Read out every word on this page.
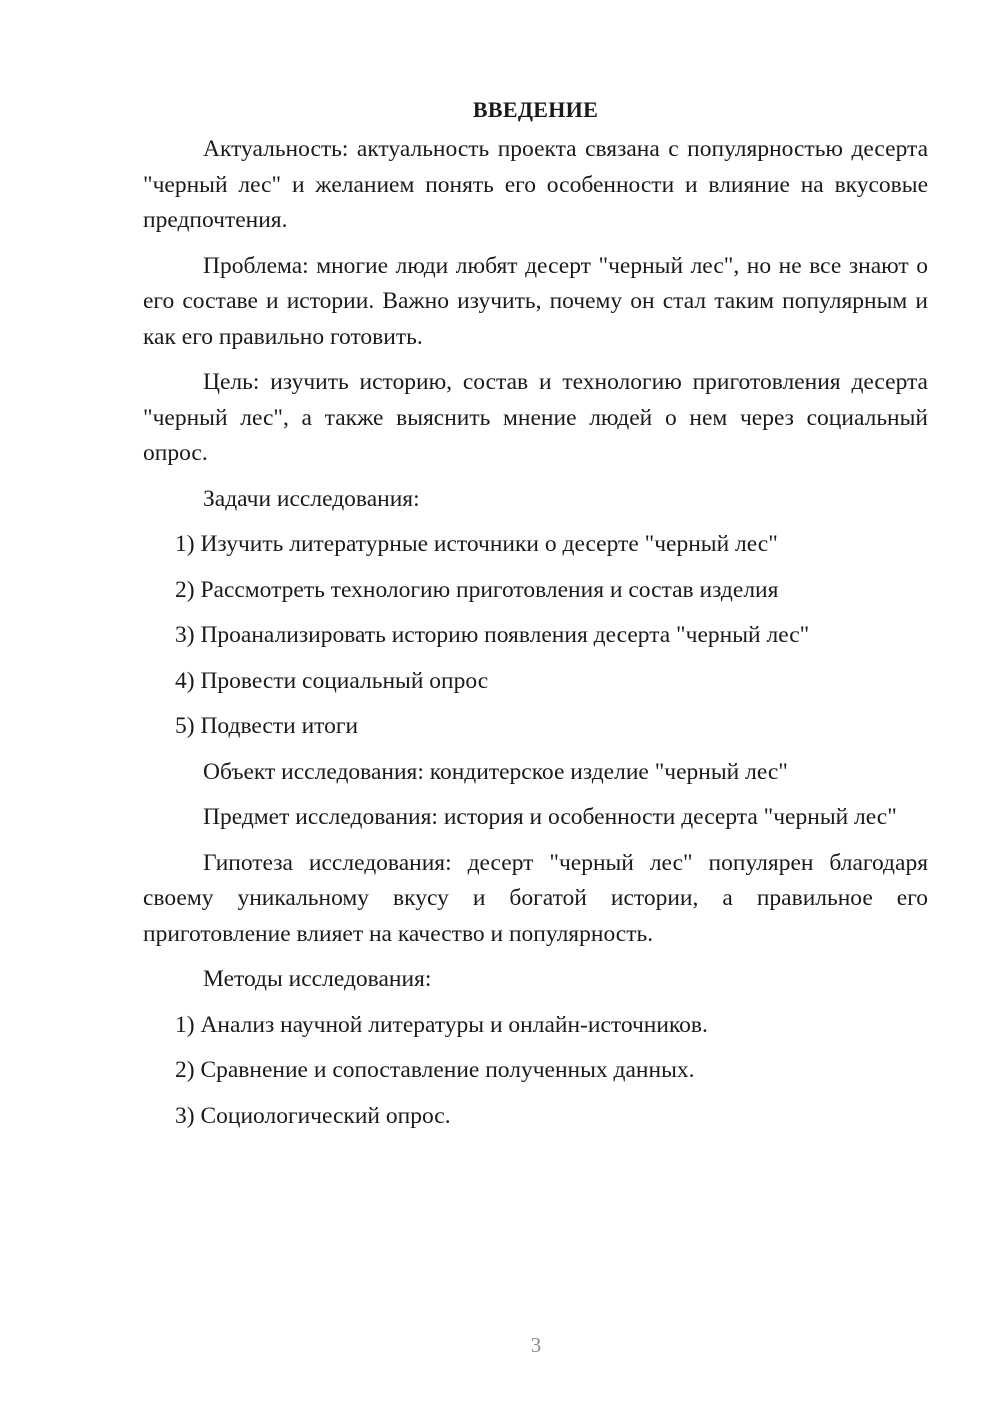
ВВЕДЕНИЕ

Актуальность: актуальность проекта связана с популярностью десерта "черный лес" и желанием понять его особенности и влияние на вкусовые предпочтения.

Проблема: многие люди любят десерт "черный лес", но не все знают о его составе и истории. Важно изучить, почему он стал таким популярным и как его правильно готовить.

Цель: изучить историю, состав и технологию приготовления десерта "черный лес", а также выяснить мнение людей о нем через социальный опрос.

Задачи исследования:

1) Изучить литературные источники о десерте "черный лес"

2) Рассмотреть технологию приготовления и состав изделия

3) Проанализировать историю появления десерта "черный лес"

4) Провести социальный опрос

5) Подвести итоги

Объект исследования: кондитерское изделие "черный лес"

Предмет исследования: история и особенности десерта "черный лес"

Гипотеза исследования: десерт "черный лес" популярен благодаря своему уникальному вкусу и богатой истории, а правильное его приготовление влияет на качество и популярность.

Методы исследования:

1) Анализ научной литературы и онлайн-источников.

2) Сравнение и сопоставление полученных данных.

3) Социологический опрос.

3
